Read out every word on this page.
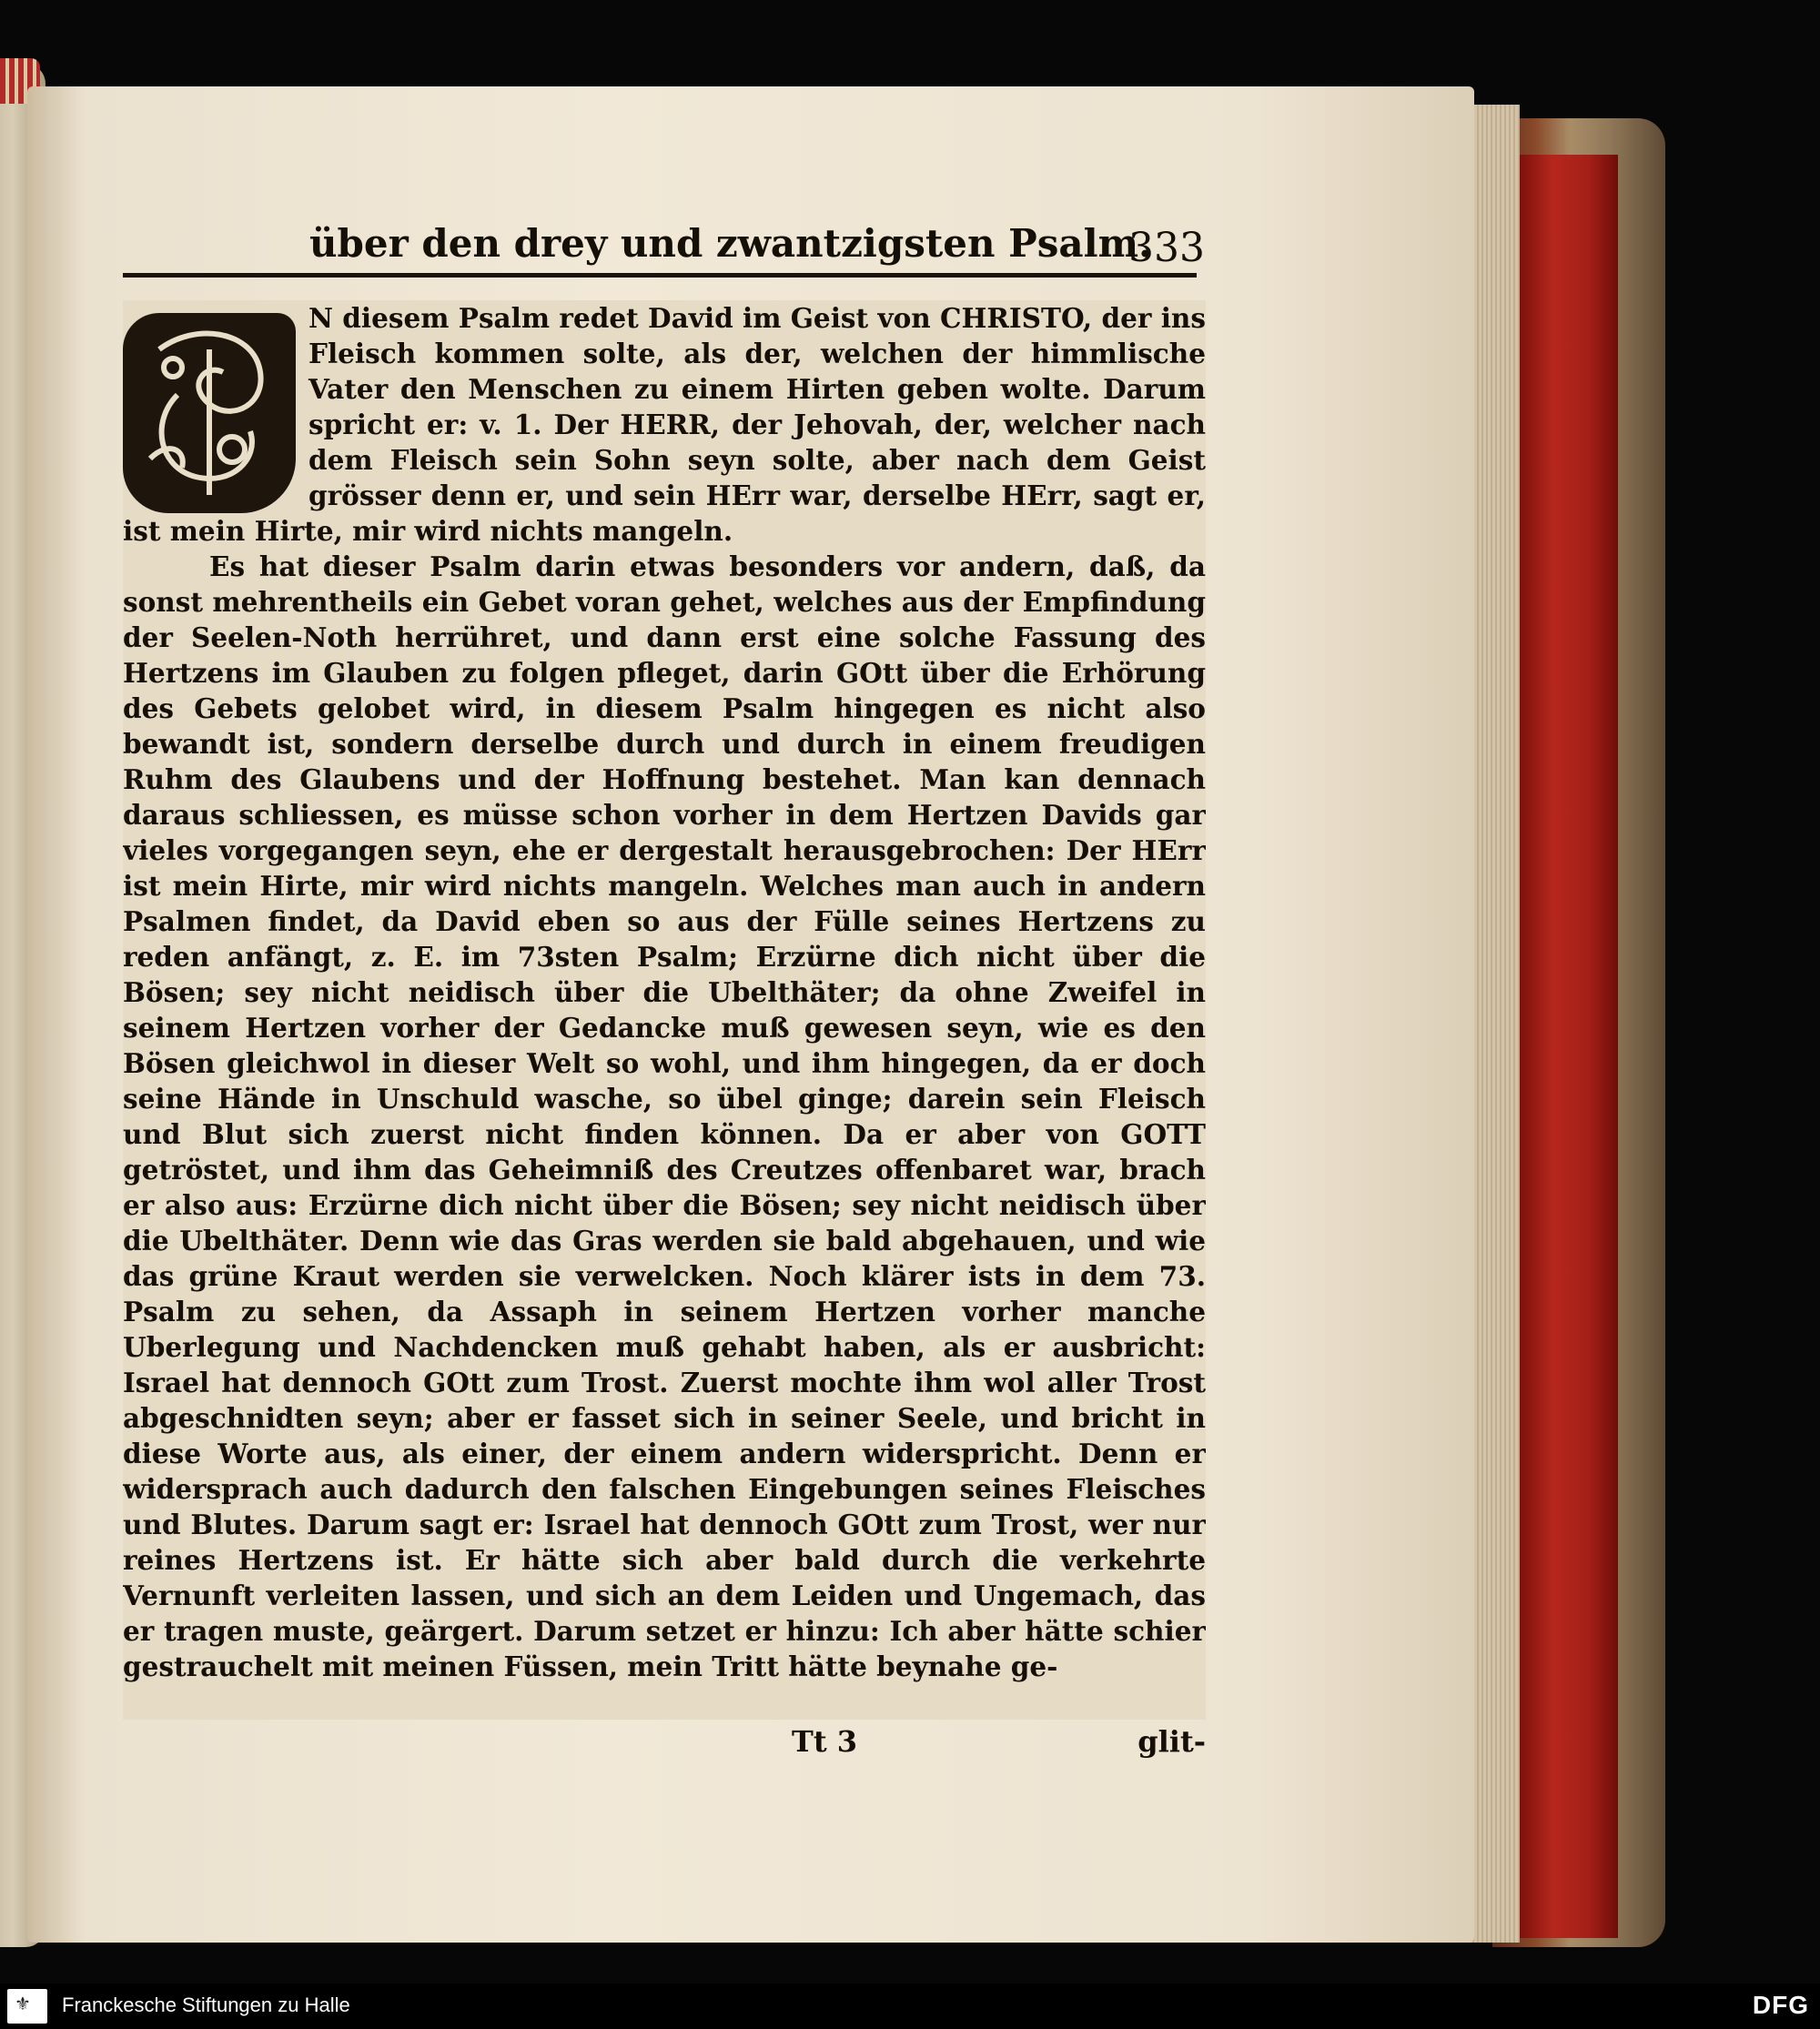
über den drey und zwantzigsten Psalm.
333

N diesem Psalm redet David im Geist von CHRISTO, der ins Fleisch kommen solte, als der, welchen der himmlische Vater den Menschen zu einem Hirten geben wolte. Darum spricht er: v. 1. Der HERR, der Jehovah, der, welcher nach dem Fleisch sein Sohn seyn solte, aber nach dem Geist grösser denn er, und sein HErr war, derselbe HErr, sagt er, ist mein Hirte, mir wird nichts mangeln.

Es hat dieser Psalm darin etwas besonders vor andern, daß, da sonst mehrentheils ein Gebet voran gehet, welches aus der Empfindung der Seelen-Noth herrühret, und dann erst eine solche Fassung des Hertzens im Glauben zu folgen pfleget, darin GOtt über die Erhörung des Gebets gelobet wird, in diesem Psalm hingegen es nicht also bewandt ist, sondern derselbe durch und durch in einem freudigen Ruhm des Glaubens und der Hoffnung bestehet. Man kan dennach daraus schliessen, es müsse schon vorher in dem Hertzen Davids gar vieles vorgegangen seyn, ehe er dergestalt herausgebrochen: Der HErr ist mein Hirte, mir wird nichts mangeln. Welches man auch in andern Psalmen findet, da David eben so aus der Fülle seines Hertzens zu reden anfängt, z. E. im 73sten Psalm; Erzürne dich nicht über die Bösen; sey nicht neidisch über die Ubelthäter; da ohne Zweifel in seinem Hertzen vorher der Gedancke muß gewesen seyn, wie es den Bösen gleichwol in dieser Welt so wohl, und ihm hingegen, da er doch seine Hände in Unschuld wasche, so übel ginge; darein sein Fleisch und Blut sich zuerst nicht finden können. Da er aber von GOTT getröstet, und ihm das Geheimniß des Creutzes offenbaret war, brach er also aus: Erzürne dich nicht über die Bösen; sey nicht neidisch über die Ubelthäter. Denn wie das Gras werden sie bald abgehauen, und wie das grüne Kraut werden sie verwelcken. Noch klärer ists in dem 73. Psalm zu sehen, da Assaph in seinem Hertzen vorher manche Uberlegung und Nachdencken muß gehabt haben, als er ausbricht: Israel hat dennoch GOtt zum Trost. Zuerst mochte ihm wol aller Trost abgeschnidten seyn; aber er fasset sich in seiner Seele, und bricht in diese Worte aus, als einer, der einem andern widerspricht. Denn er widersprach auch dadurch den falschen Eingebungen seines Fleisches und Blutes. Darum sagt er: Israel hat dennoch GOtt zum Trost, wer nur reines Hertzens ist. Er hätte sich aber bald durch die verkehrte Vernunft verleiten lassen, und sich an dem Leiden und Ungemach, das er tragen muste, geärgert. Darum setzet er hinzu: Ich aber hätte schier gestrauchelt mit meinen Füssen, mein Tritt hätte beynahe ge-

Tt 3	glit-
⚜ Franckesche Stiftungen zu Halle	DFG
